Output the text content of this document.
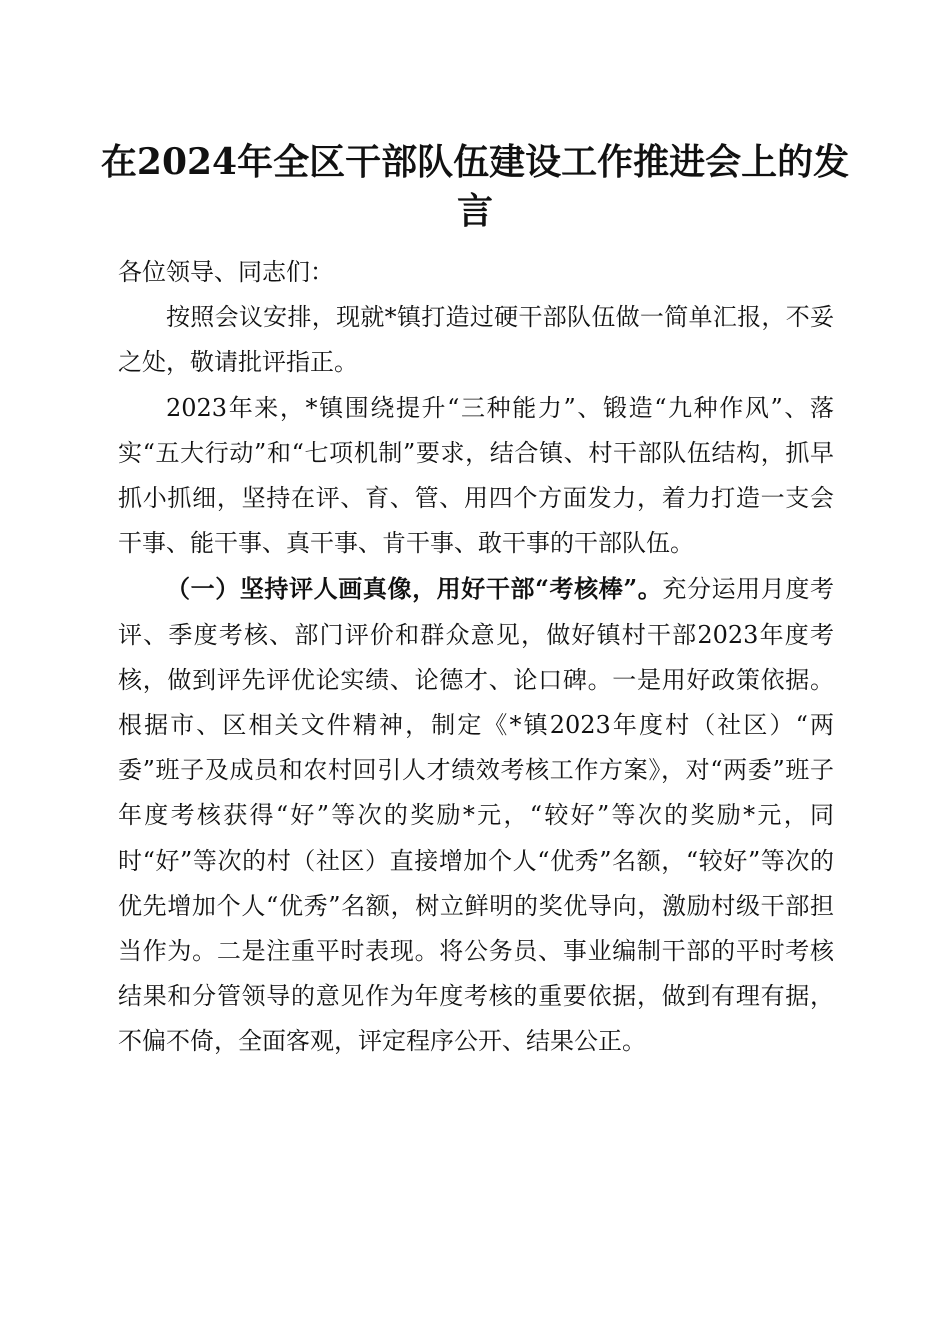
在2024年全区干部队伍建设工作推进会上的发言

各位领导、同志们：

按照会议安排，现就*镇打造过硬干部队伍做一简单汇报，不妥之处，敬请批评指正。

2023年来，*镇围绕提升“三种能力”、锻造“九种作风”、落实“五大行动”和“七项机制”要求，结合镇、村干部队伍结构，抓早抓小抓细，坚持在评、育、管、用四个方面发力，着力打造一支会干事、能干事、真干事、肯干事、敢干事的干部队伍。

（一）坚持评人画真像，用好干部“考核棒”。充分运用月度考评、季度考核、部门评价和群众意见，做好镇村干部2023年度考核，做到评先评优论实绩、论德才、论口碑。一是用好政策依据。根据市、区相关文件精神，制定《*镇2023年度村（社区）“两委”班子及成员和农村回引人才绩效考核工作方案》，对“两委”班子年度考核获得“好”等次的奖励*元，“较好”等次的奖励*元，同时“好”等次的村（社区）直接增加个人“优秀”名额，“较好”等次的优先增加个人“优秀”名额，树立鲜明的奖优导向，激励村级干部担当作为。二是注重平时表现。将公务员、事业编制干部的平时考核结果和分管领导的意见作为年度考核的重要依据，做到有理有据，不偏不倚，全面客观，评定程序公开、结果公正。
